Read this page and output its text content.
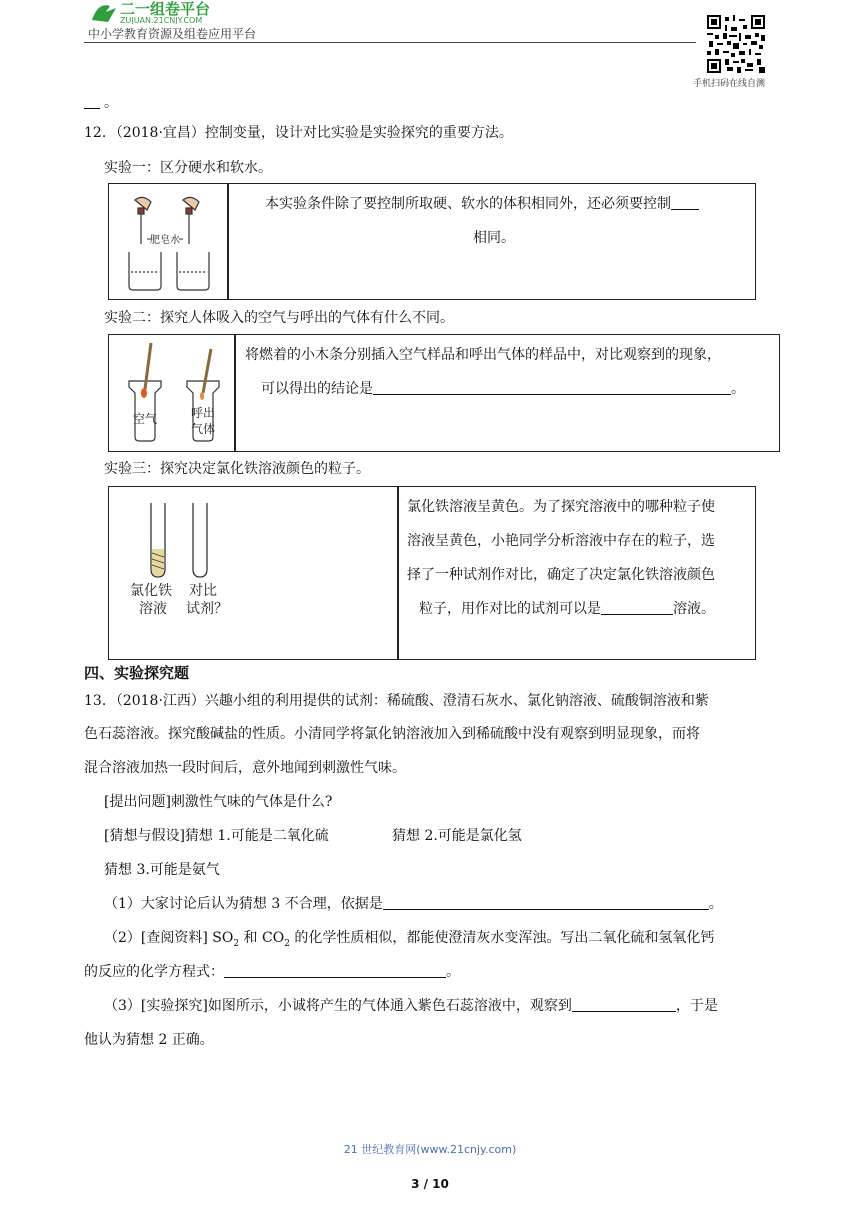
二一组卷平台
ZUJUAN.21CNJY.COM
中小学教育资源及组卷应用平台
手机扫码在线自测
。
12．（2018·宜昌）控制变量，设计对比实验是实验探究的重要方法。
实验一：区分硬水和软水。
肥皂水
本实验条件除了要控制所取硬、软水的体积相同外，还必须要控制
相同。
实验二：探究人体吸入的空气与呼出的气体有什么不同。
空气	呼出
气体
将燃着的小木条分别插入空气样品和呼出气体的样品中，对比观察到的现象，
可以得出的结论是	。
实验三：探究决定氯化铁溶液颜色的粒子。
氯化铁
溶液
对比
试剂？
氯化铁溶液呈黄色。为了探究溶液中的哪种粒子使
溶液呈黄色，小艳同学分析溶液中存在的粒子，选
择了一种试剂作对比，确定了决定氯化铁溶液颜色
粒子，用作对比的试剂可以是	溶液。
四、实验探究题
13．（2018·江西）兴趣小组的利用提供的试剂：稀硫酸、澄清石灰水、氯化钠溶液、硫酸铜溶液和紫
色石蕊溶液。探究酸碱盐的性质。小清同学将氯化钠溶液加入到稀硫酸中没有观察到明显现象，而将
混合溶液加热一段时间后，意外地闻到刺激性气味。
[提出问题]刺激性气味的气体是什么?
[猜想与假设]猜想 1.可能是二氧化硫	猜想 2.可能是氯化氢
猜想 3.可能是氨气
（1）大家讨论后认为猜想 3 不合理，依据是	。
（2）[查阅资料] $SO_2$ 和 $CO_2$ 的化学性质相似，都能使澄清灰水变浑浊。写出二氧化硫和氢氧化钙
的反应的化学方程式：	。
（3）[实验探究]如图所示，小诚将产生的气体通入紫色石蕊溶液中，观察到	，于是
他认为猜想 2 正确。
21 世纪教育网(www.21cnjy.com)
3 / 10
